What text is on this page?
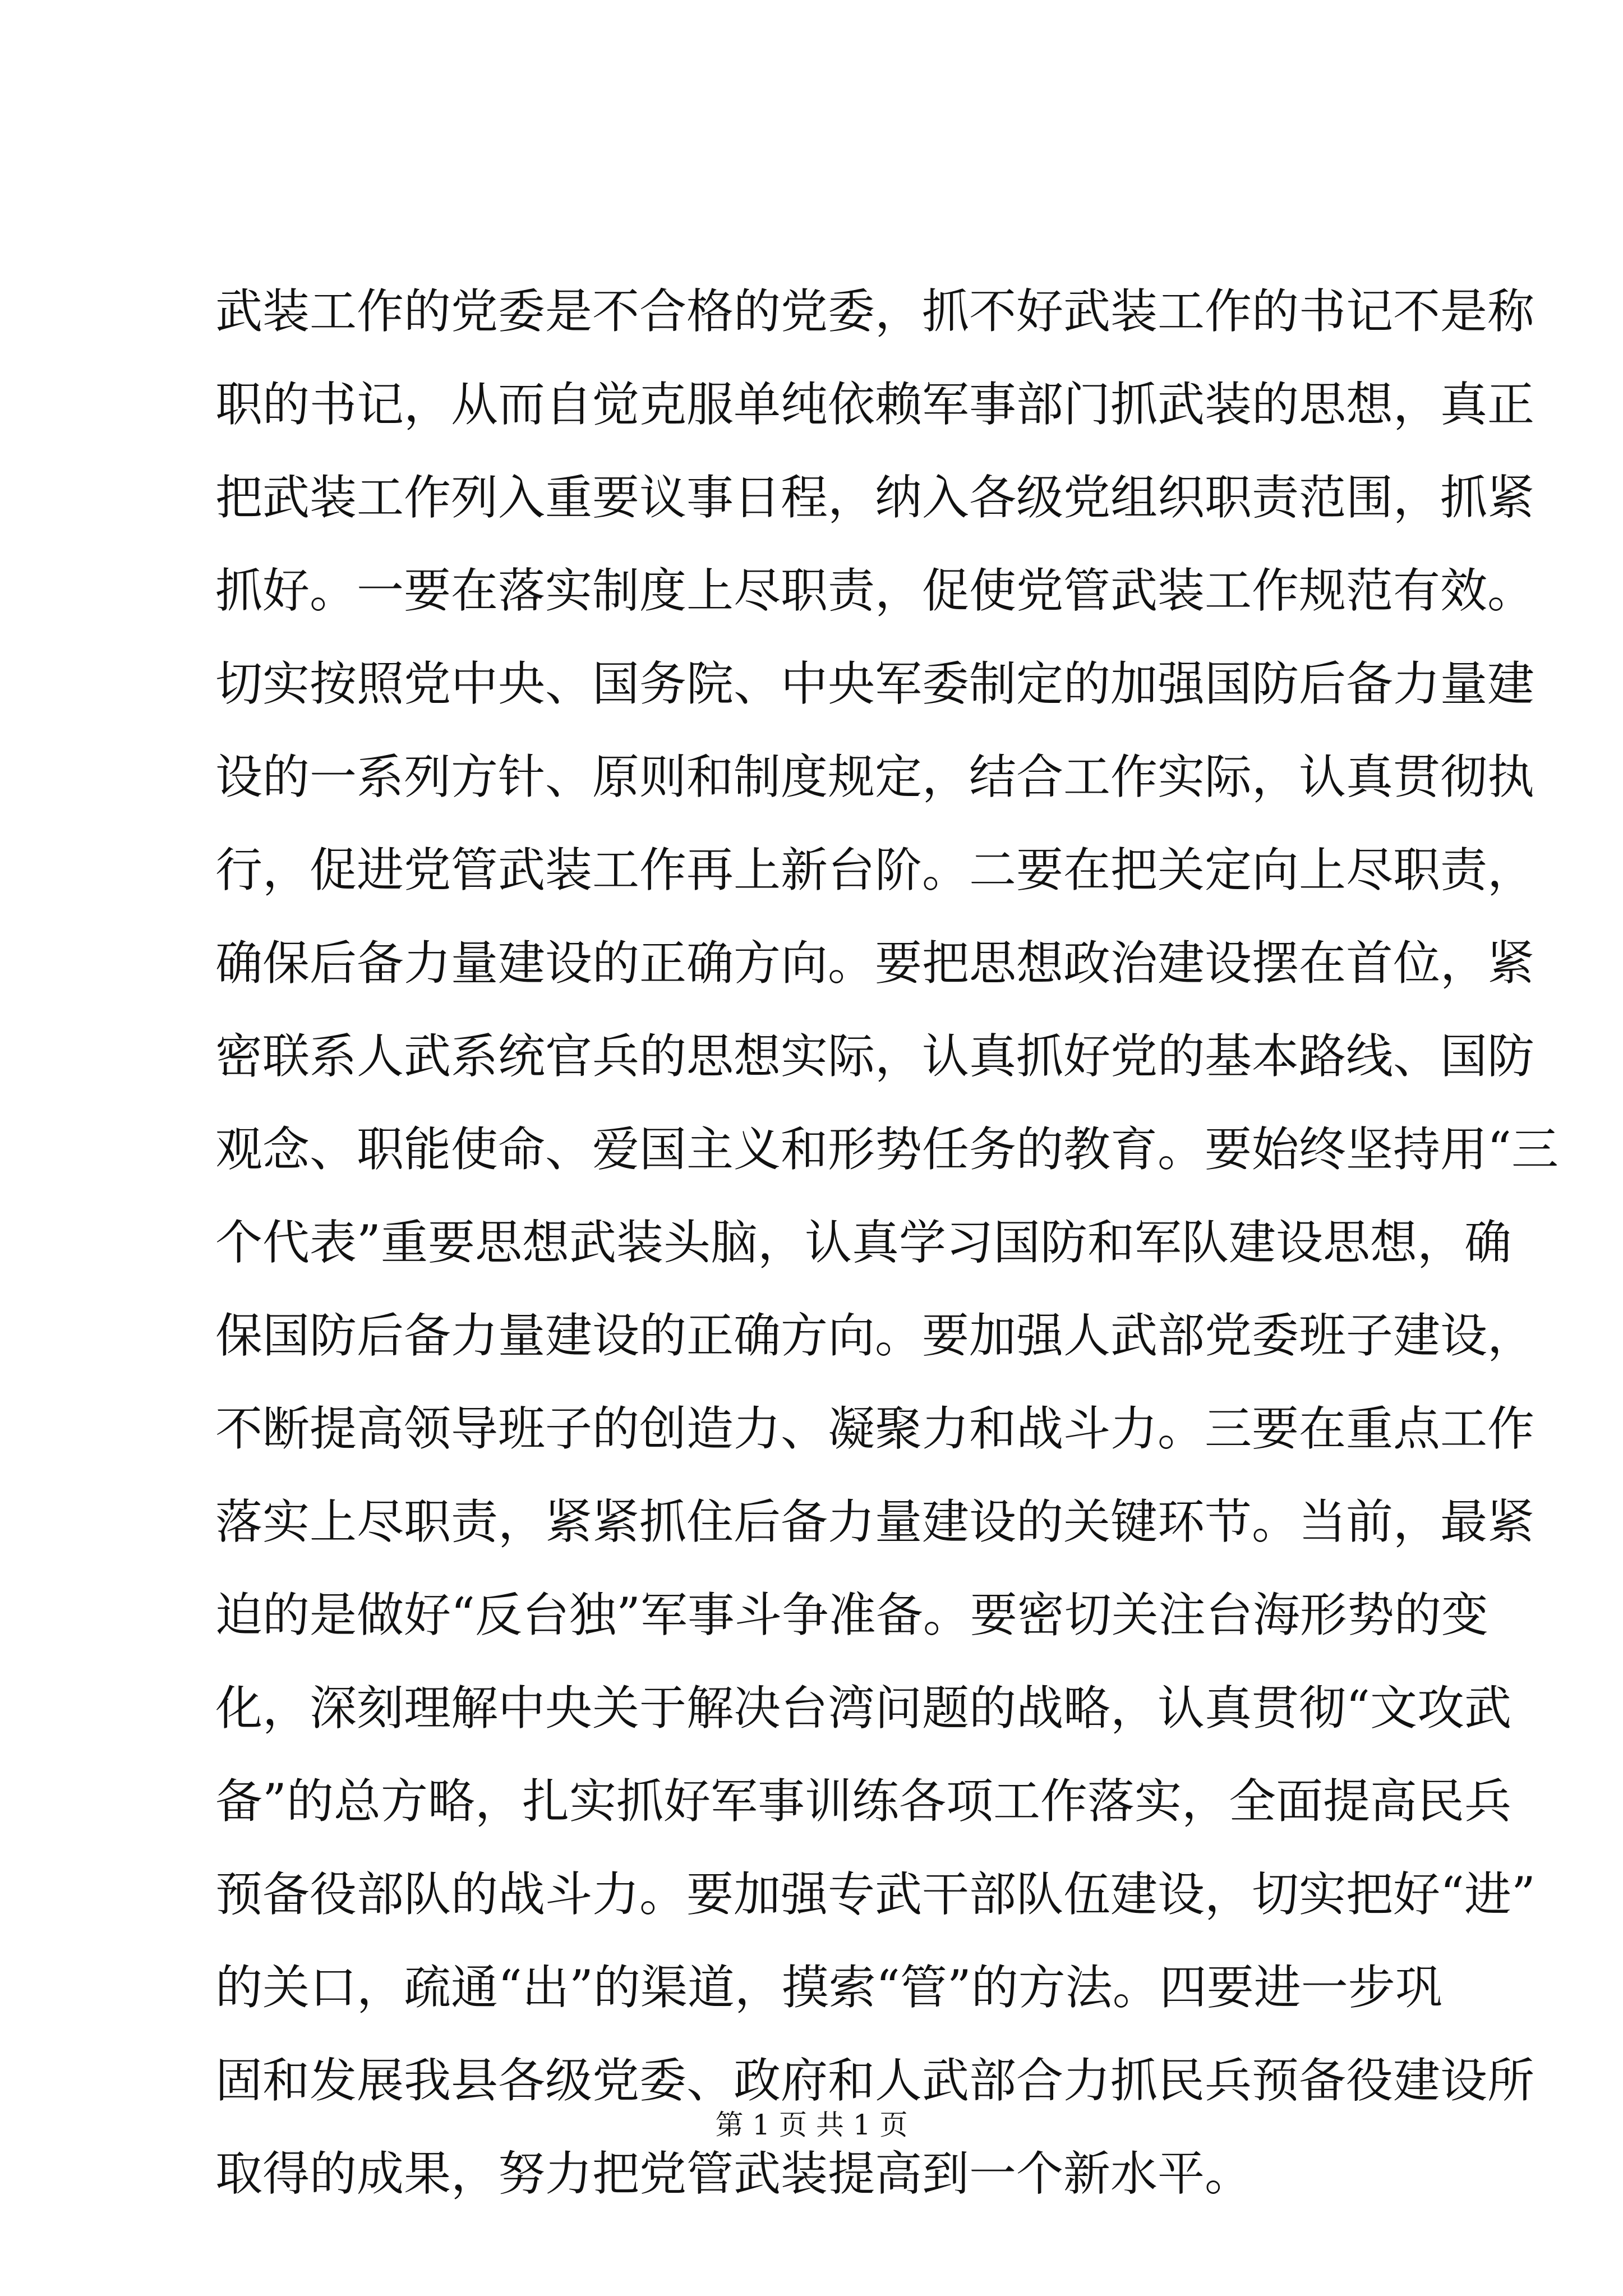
武装工作的党委是不合格的党委，抓不好武装工作的书记不是称
职的书记，从而自觉克服单纯依赖军事部门抓武装的思想，真正
把武装工作列入重要议事日程，纳入各级党组织职责范围，抓紧
抓好。一要在落实制度上尽职责，促使党管武装工作规范有效。
切实按照党中央、国务院、中央军委制定的加强国防后备力量建
设的一系列方针、原则和制度规定，结合工作实际，认真贯彻执
行，促进党管武装工作再上新台阶。二要在把关定向上尽职责，
确保后备力量建设的正确方向。要把思想政治建设摆在首位，紧
密联系人武系统官兵的思想实际，认真抓好党的基本路线、国防
观念、职能使命、爱国主义和形势任务的教育。要始终坚持用“三
个代表”重要思想武装头脑，认真学习国防和军队建设思想，确
保国防后备力量建设的正确方向。要加强人武部党委班子建设，
不断提高领导班子的创造力、凝聚力和战斗力。三要在重点工作
落实上尽职责，紧紧抓住后备力量建设的关键环节。当前，最紧
迫的是做好“反台独”军事斗争准备。要密切关注台海形势的变
化，深刻理解中央关于解决台湾问题的战略，认真贯彻“文攻武
备”的总方略，扎实抓好军事训练各项工作落实，全面提高民兵
预备役部队的战斗力。要加强专武干部队伍建设，切实把好“进”
的关口，疏通“出”的渠道，摸索“管”的方法。四要进一步巩
固和发展我县各级党委、政府和人武部合力抓民兵预备役建设所
取得的成果，努力把党管武装提高到一个新水平。
第 1 页 共 1 页
